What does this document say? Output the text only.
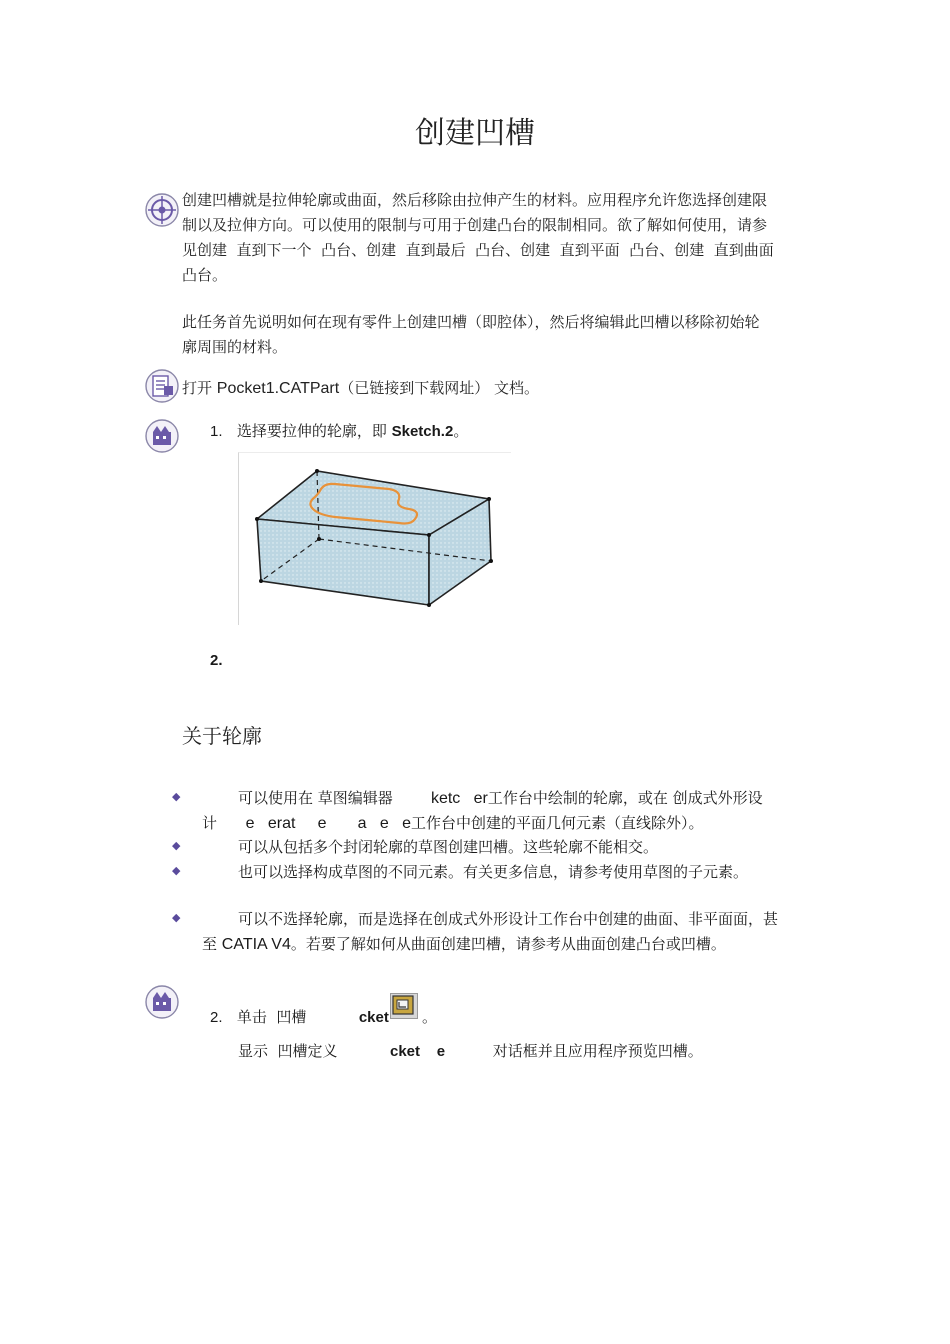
创建凹槽
创建凹槽就是拉伸轮廓或曲面，然后移除由拉伸产生的材料。应用程序允许您选择创建限
制以及拉伸方向。可以使用的限制与可用于创建凸台的限制相同。欲了解如何使用，请参
见创建  直到下一个  凸台、创建  直到最后  凸台、创建  直到平面  凸台、创建  直到曲面
凸台。
此任务首先说明如何在现有零件上创建凹槽（即腔体），然后将编辑此凹槽以移除初始轮
廓周围的材料。
打开 Pocket1.CATPart（已链接到下载网址） 文档。
1. 选择要拉伸的轮廓，即 Sketch.2。
2.
关于轮廓
◆	可以使用在 草图编辑器 ketc   er工作台中绘制的轮廓，或在 创成式外形设
计 e   erat     e       a   e   e工作台中创建的平面几何元素（直线除外）。
◆	可以从包括多个封闭轮廓的草图创建凹槽。这些轮廓不能相交。
◆	也可以选择构成草图的不同元素。有关更多信息，请参考使用草图的子元素。
◆	可以不选择轮廓，而是选择在创成式外形设计工作台中创建的曲面、非平面面，甚
至 CATIA V4。若要了解如何从曲面创建凹槽，请参考从曲面创建凸台或凹槽。
2. 单击  凹槽	cket 。
显示  凹槽定义	cket    e	对话框并且应用程序预览凹槽。
